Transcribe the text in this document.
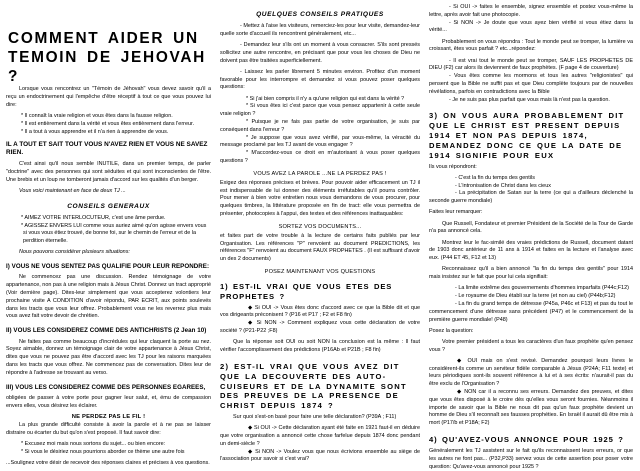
COMMENT AIDER UN
TEMOIN DE JEHOVAH ?

Lorsque vous rencontrez un "Témoin de Jéhovah" vous devez savoir qu'il a reçu un endoctrinement qui l'empêche d'être réceptif à tout ce que vous pouvez lui dire:

* Il connaît la vraie religion et vous êtes dans la fausse religion.
* Il est entièrement dans la vérité et vous êtes entièrement dans l'erreur.
* Il a tout à vous apprendre et il n'a rien à apprendre de vous.
IL A TOUT ET SAIT TOUT VOUS N'AVEZ RIEN ET VOUS NE SAVEZ RIEN.

C'est ainsi qu'il nous semble INUTILE, dans un premier temps, de parler "doctrine" avec des personnes qui sont séduites et qui sont inconscientes de l'être. Une brebis et un loup ne tomberont jamais d'accord sur les qualités d'un berger.

Vous voici maintenant en face de deux TJ ...

CONSEILS GENERAUX
* AIMEZ VOTRE INTERLOCUTEUR, c'est une âme perdue.
* AGISSEZ ENVERS LUI comme vous auriez aimé qu'on agisse envers vous si vous vous étiez trouvé, de bonne foi, sur le chemin de l'erreur et de la perdition éternelle.

Nous pouvons considérer plusieurs situations:

I) VOUS NE VOUS SENTEZ PAS QUALIFIE POUR LEUR REPONDRE:

Ne commencez pas une discussion. Rendez témoignage de votre appartenance, non pas à une religion mais à Jésus Christ. Donnez un tract approprié (Voir dernière page). Dites-leur simplement que vous accepterez volontiers leur prochaine visite A CONDITION d'avoir répondu, PAR ECRIT, aux points soulevés dans les tracts que vous leur offrez. Probablement vous ne les reverrez plus mais vous avez fait votre devoir de chrétien.

II) VOUS LES CONSIDEREZ COMME DES ANTICHRISTS (2 Jean 10)

Ne faites pas comme beaucoup d'incrédules qui leur claquent la porte au nez. Soyez aimable, donnez un témoignage clair de votre appartenance à Jésus Christ, dites que vous ne pouvez pas être d'accord avec les TJ pour les raisons marquées dans les tracts que vous offrez. Ne commencez pas de conversation. Dites leur de répondre à l'adresse se trouvant au verso.

III) VOUS LES CONSIDEREZ COMME DES PERSONNES EGAREES,

obligées de passer à votre porte pour gagner leur salut, et, ému de compassion envers elles, vous désirez les éclairer.

NE PERDEZ PAS LE FIL !

La plus grande difficulté consiste à avoir la parole et à ne pas se laisser distraire ou écarter du but qu'on s'est proposé. Il faut savoir dire:

* Excusez moi mais nous sortons du sujet... ou bien encore:
* Si vous le désiriez nous pourrions aborder ce thème une autre fois

...Soulignez votre désir de recevoir des réponses claires et précises à vos questions.

QUELQUES CONSEILS PRATIQUES
- Mettez à l'aise les visiteurs, remerciez-les pour leur visite, demandez-leur quelle sorte d'accueil ils rencontrent généralement, etc...
- Demandez leur s'ils ont un moment à vous consacrer. S'ils sont pressés sollicitez une autre rencontre, en précisant que pour vous les choses de Dieu ne doivent pas être traitées superficiellement.
- Laissez les parler librement 5 minutes environ. Profitez d'un moment favorable pour les interrompre et demandez si vous pouvez poser quelques questions:
* Si j'ai bien compris il n'y a qu'une religion qui est dans la vérité ?
* Si vous êtes ici c'est parce que vous pensez appartenir à cette seule vraie religion ?
* Puisque je ne fais pas partie de votre organisation, je suis par conséquent dans l'erreur ?
* Je suppose que vous avez vérifié, par vous-même, la véracité du message proclamé par les TJ avant de vous engager ?
* M'accordez-vous ce droit en m'autorisant à vous poser quelques questions ?
VOUS AVEZ LA PAROLE ...NE LA PERDEZ PAS !

Exigez des réponses précises et brèves. Pour pouvoir aider efficacement un TJ il est indispensable de lui donner des éléments irréfutables qu'il pourra contrôler. Pour mener à bien votre entretien nous vous demandons de vous procurer, pour quelques timbres, la littérature proposée en fin de tract: elle vous permettra de présenter, photocopies à l'appui, des textes et des références inattaquables:

SORTEZ VOS DOCUMENTS...

et faites part de votre trouble à la lecture de certains faits publiés par leur Organisation. Les références "P" renvoient au document PREDICTIONS, les références "F" renvoient au document FAUX PROPHETES . (Il est suffisant d'avoir un des 2 documents)

POSEZ MAINTENANT VOS QUESTIONS
1) EST-IL VRAI QUE VOUS ETES DES PROPHETES ?
◆ Si OUI -> Vous êtes donc d'accord avec ce que la Bible dit et que vos dirigeants préconisent ? (P16 et P17 ; F2 et F8 fin)
◆ Si NON -> Comment expliquez vous cette déclaration de votre société ? (P21-P22 ;F8)

Que la réponse soit OUI ou soit NON la conclusion est la même : Il faut vérifier l'accomplissement des prédictions (P16Ab et P21B ; F8 fin)

2) EST-IL VRAI QUE VOUS AVEZ DIT QUE LA DECOUVERTE DES AUTO-CUISEURS ET DE LA DYNAMITE SONT DES PREUVES DE LA PRESENCE DE CHRIST DEPUIS 1874 ?

Sur quoi s'est-on basé pour faire une telle déclaration? (P39A ; F11)

◆ Si OUI -> Cette déclaration ayant été faite en 1921 faut-il en déduire que votre organisation a annoncé cette chose farfelue depuis 1874 donc pendant un demi-siècle ?
◆ Si NON -> Voulez vous que nous écrivions ensemble au siège de l'association pour savoir si c'est vrai?
- Si OUI -> faites le ensemble, signez ensemble et postez vous-même la lettre, après avoir fait une photocopie.
- Si NON -> Je doute que vous ayez bien vérifié si vous étiez dans la vérité...

Probablement on vous répondra : Tout le monde peut se tromper, la lumière va croissant, êtes vous parfait ? etc...répondez:

- Il est vrai tout le monde peut se tromper, SAUF LES PROPHETES DE DIEU (F2) car alors ils deviennent de faux prophètes. (F page 4 de couverture)
- Vous êtes comme les mormons et tous les autres "religionistes" qui pensent que la Bible ne suffit pas et que Dieu complète toujours par de nouvelles révélations, parfois en contradictions avec la Bible
- Je ne suis pas plus parfait que vous mais là n'est pas la question.
3) ON VOUS AURA PROBABLEMENT DIT QUE LE CHRIST EST PRESENT DEPUIS 1914 ET NON PAS DEPUIS 1874, DEMANDEZ DONC CE QUE LA DATE DE 1914 SIGNIFIE POUR EUX

Ils vous répondront:

- C'est la fin du temps des gentils
- L'intronisation de Christ dans les cieux
- La précipitation de Satan sur la terre (ce qui a d'ailleurs déclenché la seconde guerre mondiale)

Faites leur remarquer:

Que Russell, Fondateur et premier Président de la Société de la Tour de Garde n'a pas annoncé cela.

Montrez leur le fac-similé des vraies prédictions de Russell, document datant de 1903 donc antérieur de 11 ans à 1914 et faites en la lecture et l'analyse avec eux. (P44 ET 45, F12 et 13)

Reconnaissez qu'il a bien annoncé "la fin du temps des gentils" pour 1914 mais insistez sur le fait que pour lui cela signifiait:

- La limite extrême des gouvernements d'hommes imparfaits (P44c;F12)
- Le royaume de Dieu établi sur la terre (et non au ciel) (P44b;F12)
- La fin du grand temps de détresse (P45a, P46c et F13) et pas du tout le commencement d'une détresse sans précédent (P47) et le commencement de la première guerre mondiale! (P48)

Posez la question:

Votre premier président a tous les caractères d'un faux prophète qu'en pensez vous ?

◆ OUI mais on s'est revisé. Demandez pourquoi leurs livres le considèrent-ils comme un serviteur fidèle comparable à Jésus (P24A; F11 texte) et leurs périodiques sont-ils souvent référence à lui et à ses écrits: n'aurait-il pas du être exclu de l'Organisation ?
◆ NON car il a reconnu ses erreurs. Demandez des preuves, et dites que vous êtes disposé à le croire dès qu'elles vous seront fournies. Néanmoins il importe de savoir que la Bible ne nous dit pas qu'un faux prophète devient un homme de Dieu s'il reconnaît ses fausses prophéties. En Israël il aurait dû être mis à mort (P17/b et P18A; F2)
4) QU'AVEZ-VOUS ANNONCE POUR 1925 ?

Généralement les TJ assistent sur le fait qu'ils reconnaissent leurs erreurs, or que les autres ne font pas... (P32,P33) servez vous de cette assertion pour poser votre question: Qu'avez-vous annoncé pour 1925 ?
